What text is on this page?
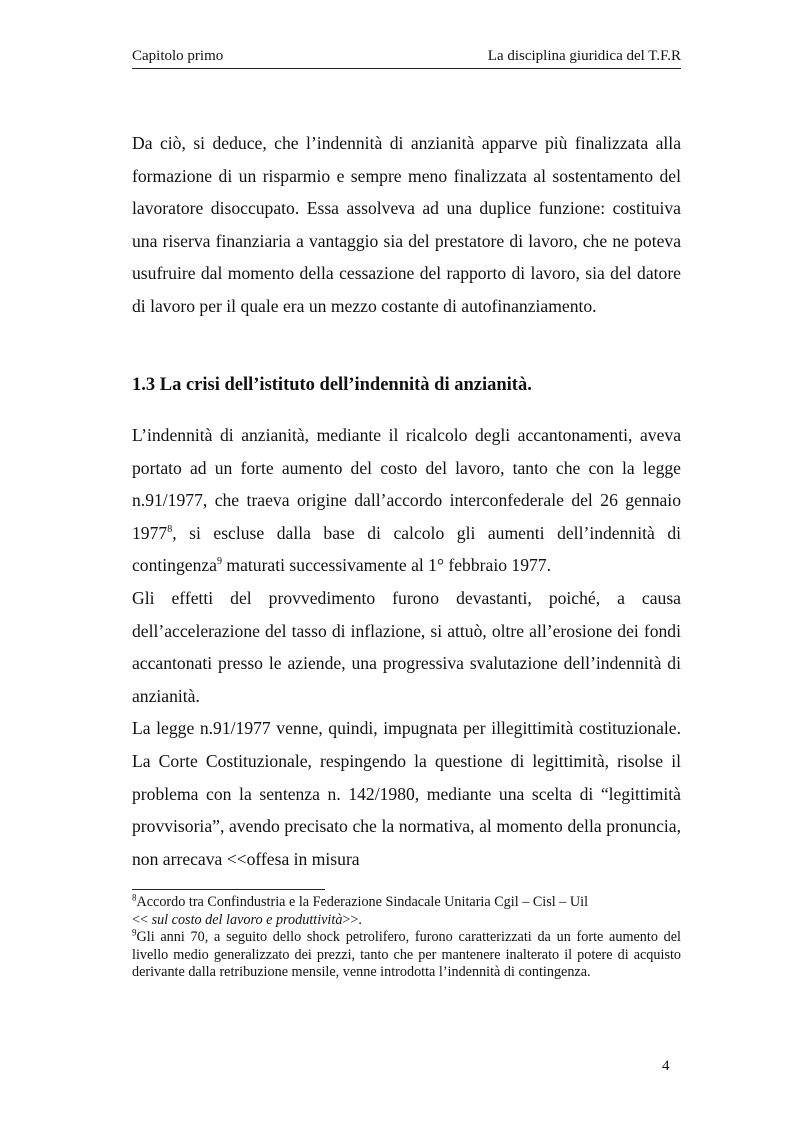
Capitolo primo	La disciplina giuridica del T.F.R

Da ciò, si deduce, che l’indennità di anzianità apparve più finalizzata alla formazione di un risparmio e sempre meno finalizzata al sostentamento del lavoratore disoccupato. Essa assolveva ad una duplice funzione: costituiva una riserva finanziaria a vantaggio sia del prestatore di lavoro, che ne poteva usufruire dal momento della cessazione del rapporto di lavoro, sia del datore di lavoro per il quale era un mezzo costante di autofinanziamento.

1.3 La crisi dell’istituto dell’indennità di anzianità.

L’indennità di anzianità, mediante il ricalcolo degli accantonamenti, aveva portato ad un forte aumento del costo del lavoro, tanto che con la legge n.91/1977, che traeva origine dall’accordo interconfederale del 26 gennaio 1977$^8$, si escluse dalla base di calcolo gli aumenti dell’indennità di contingenza$^9$ maturati successivamente al 1° febbraio 1977.

Gli effetti del provvedimento furono devastanti, poiché, a causa dell’accelerazione del tasso di inflazione, si attuò, oltre all’erosione dei fondi accantonati presso le aziende, una progressiva svalutazione dell’indennità di anzianità.

La legge n.91/1977 venne, quindi, impugnata per illegittimità costituzionale. La Corte Costituzionale, respingendo la questione di legittimità, risolse il problema con la sentenza n. 142/1980, mediante una scelta di “legittimità provvisoria”, avendo precisato che la normativa, al momento della pronuncia, non arrecava <<offesa in misura

$^8$Accordo tra Confindustria e la Federazione Sindacale Unitaria Cgil – Cisl – Uil
<< sul costo del lavoro e produttività>>.

$^9$Gli anni 70, a seguito dello shock petrolifero, furono caratterizzati da un forte aumento del livello medio generalizzato dei prezzi, tanto che per mantenere inalterato il potere di acquisto derivante dalla retribuzione mensile, venne introdotta l’indennità di contingenza.

4
